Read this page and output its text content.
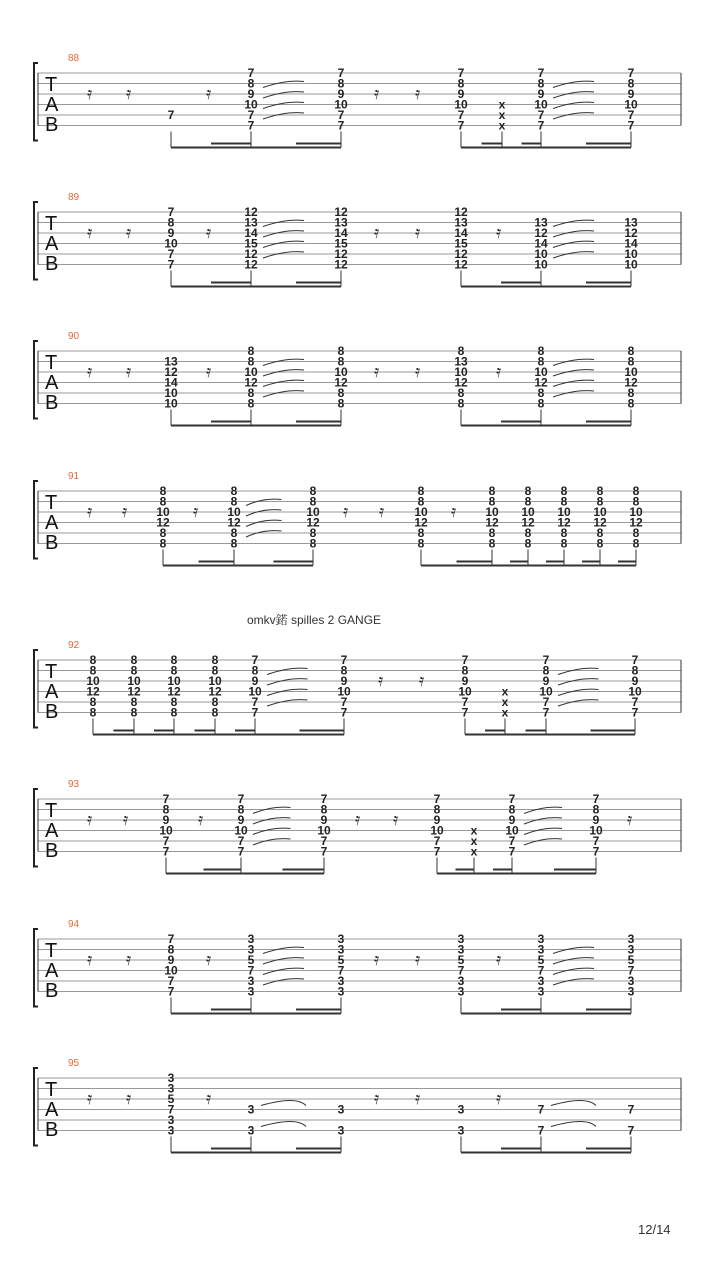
omkv鍩 spilles 2 GANGE
88
T
A
B
𝄿 𝄿
7
𝄿
7
8
9
10
7
7
7
8
9
10
7
7
𝄿 𝄿
7
8
9
10
7
7
x
x
x
7
8
9
10
7
7
7
8
9
10
7
7
89
T
A
B
𝄿 𝄿
7
8
9
10
7
7
𝄿
12
13
14
15
12
12
12
13
14
15
12
12
𝄿 𝄿
12
13
14
15
12
12
𝄿
13
12
14
10
10
13
12
14
10
10
90
T
A
B
𝄿 𝄿
13
12
14
10
10
𝄿
8
8
10
12
8
8
8
8
10
12
8
8
𝄿 𝄿
8
13
10
12
8
8
𝄿
8
8
10
12
8
8
8
8
10
12
8
8
91
T
A
B
𝄿 𝄿
8
8
10
12
8
8
𝄿
8
8
10
12
8
8
8
8
10
12
8
8
𝄿 𝄿
8
8
10
12
8
8
𝄿
8
8
10
12
8
8
8
8
10
12
8
8
8
8
10
12
8
8
8
8
10
12
8
8
8
8
10
12
8
8
92
T
A
B
8
8
10
12
8
8
8
8
10
12
8
8
8
8
10
12
8
8
8
8
10
12
8
8
7
8
9
10
7
7
7
8
9
10
7
7
𝄿 𝄿
7
8
9
10
7
7
x
x
x
7
8
9
10
7
7
7
8
9
10
7
7
93
T
A
B
𝄿 𝄿
7
8
9
10
7
7
𝄿
7
8
9
10
7
7
7
8
9
10
7
7
𝄿 𝄿
7
8
9
10
7
7
x
x
x
7
8
9
10
7
7
7
8
9
10
7
7
𝄿
94
T
A
B
𝄿 𝄿
7
8
9
10
7
7
𝄿
3
3
5
7
3
3
3
3
5
7
3
3
𝄿 𝄿
3
3
5
7
3
3
𝄿
3
3
5
7
3
3
3
3
5
7
3
3
95
T
A
B
𝄿 𝄿
3
3
5
7
3
3
𝄿
3
3
3
3
𝄿 𝄿
3
3
𝄿
7
7
7
7
12/14
